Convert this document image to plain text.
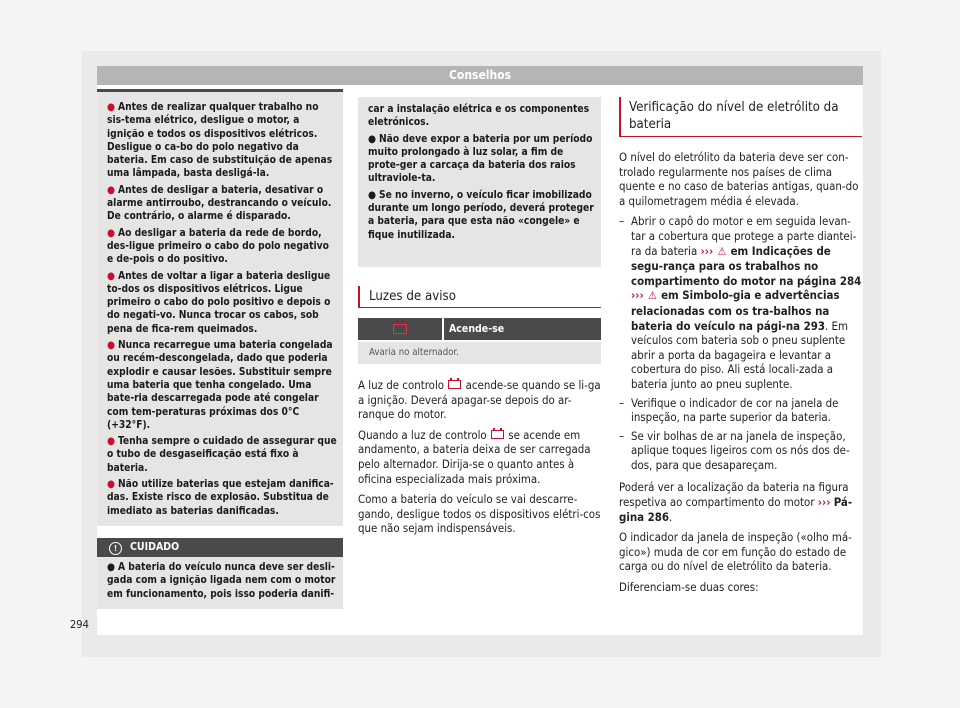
Conselhos
● Antes de realizar qualquer trabalho no sis-tema elétrico, desligue o motor, a ignição e todos os dispositivos elétricos. Desligue o ca-bo do polo negativo da bateria. Em caso de substituição de apenas uma lâmpada, basta desligá-la.
● Antes de desligar a bateria, desativar o alarme antirroubo, destrancando o veículo. De contrário, o alarme é disparado.
● Ao desligar a bateria da rede de bordo, des-ligue primeiro o cabo do polo negativo e de-pois o do positivo.
● Antes de voltar a ligar a bateria desligue to-dos os dispositivos elétricos. Ligue primeiro o cabo do polo positivo e depois o do negati-vo. Nunca trocar os cabos, sob pena de fica-rem queimados.
● Nunca recarregue uma bateria congelada ou recém-descongelada, dado que poderia explodir e causar lesões. Substituir sempre uma bateria que tenha congelado. Uma bate-ria descarregada pode até congelar com tem-peraturas próximas dos 0°C (+32°F).
● Tenha sempre o cuidado de assegurar que o tubo de desgaseificação está fixo à bateria.
● Não utilize baterias que estejam danifica-das. Existe risco de explosão. Substitua de imediato as baterias danificadas.
! CUIDADO
● A bateria do veículo nunca deve ser desli-gada com a ignição ligada nem com o motor em funcionamento, pois isso poderia danifi-
car a instalação elétrica e os componentes eletrónicos.
● Não deve expor a bateria por um período muito prolongado à luz solar, a fim de prote-ger a carcaça da bateria dos raios ultraviole-ta.
● Se no inverno, o veículo ficar imobilizado durante um longo período, deverá proteger a bateria, para que esta não «congele» e fique inutilizada.
Luzes de aviso
Acende-se
Avaria no alternador.

A luz de controlo acende-se quando se li-ga a ignição. Deverá apagar-se depois do ar-ranque do motor.

Quando a luz de controlo se acende em andamento, a bateria deixa de ser carregada pelo alternador. Dirija-se o quanto antes à oficina especializada mais próxima.

Como a bateria do veículo se vai descarre-gando, desligue todos os dispositivos elétri-cos que não sejam indispensáveis.

Verificação do nível de eletrólito da bateria

O nível do eletrólito da bateria deve ser con-trolado regularmente nos países de clima quente e no caso de baterias antigas, quan-do a quilometragem média é elevada.

– Abrir o capô do motor e em seguida levan-tar a cobertura que protege a parte diantei-ra da bateria ››› ⚠ em Indicações de segu-rança para os trabalhos no compartimento do motor na página 284 ››› ⚠ em Simbolo-gia e advertências relacionadas com os tra-balhos na bateria do veículo na pági-na 293. Em veículos com bateria sob o pneu suplente abrir a porta da bagageira e levantar a cobertura do piso. Ali está locali-zada a bateria junto ao pneu suplente.
– Verifique o indicador de cor na janela de inspeção, na parte superior da bateria.
– Se vir bolhas de ar na janela de inspeção, aplique toques ligeiros com os nós dos de-dos, para que desapareçam.

Poderá ver a localização da bateria na figura respetiva ao compartimento do motor ››› Pá-gina 286.

O indicador da janela de inspeção («olho má-gico») muda de cor em função do estado de carga ou do nível de eletrólito da bateria.

Diferenciam-se duas cores:

294
